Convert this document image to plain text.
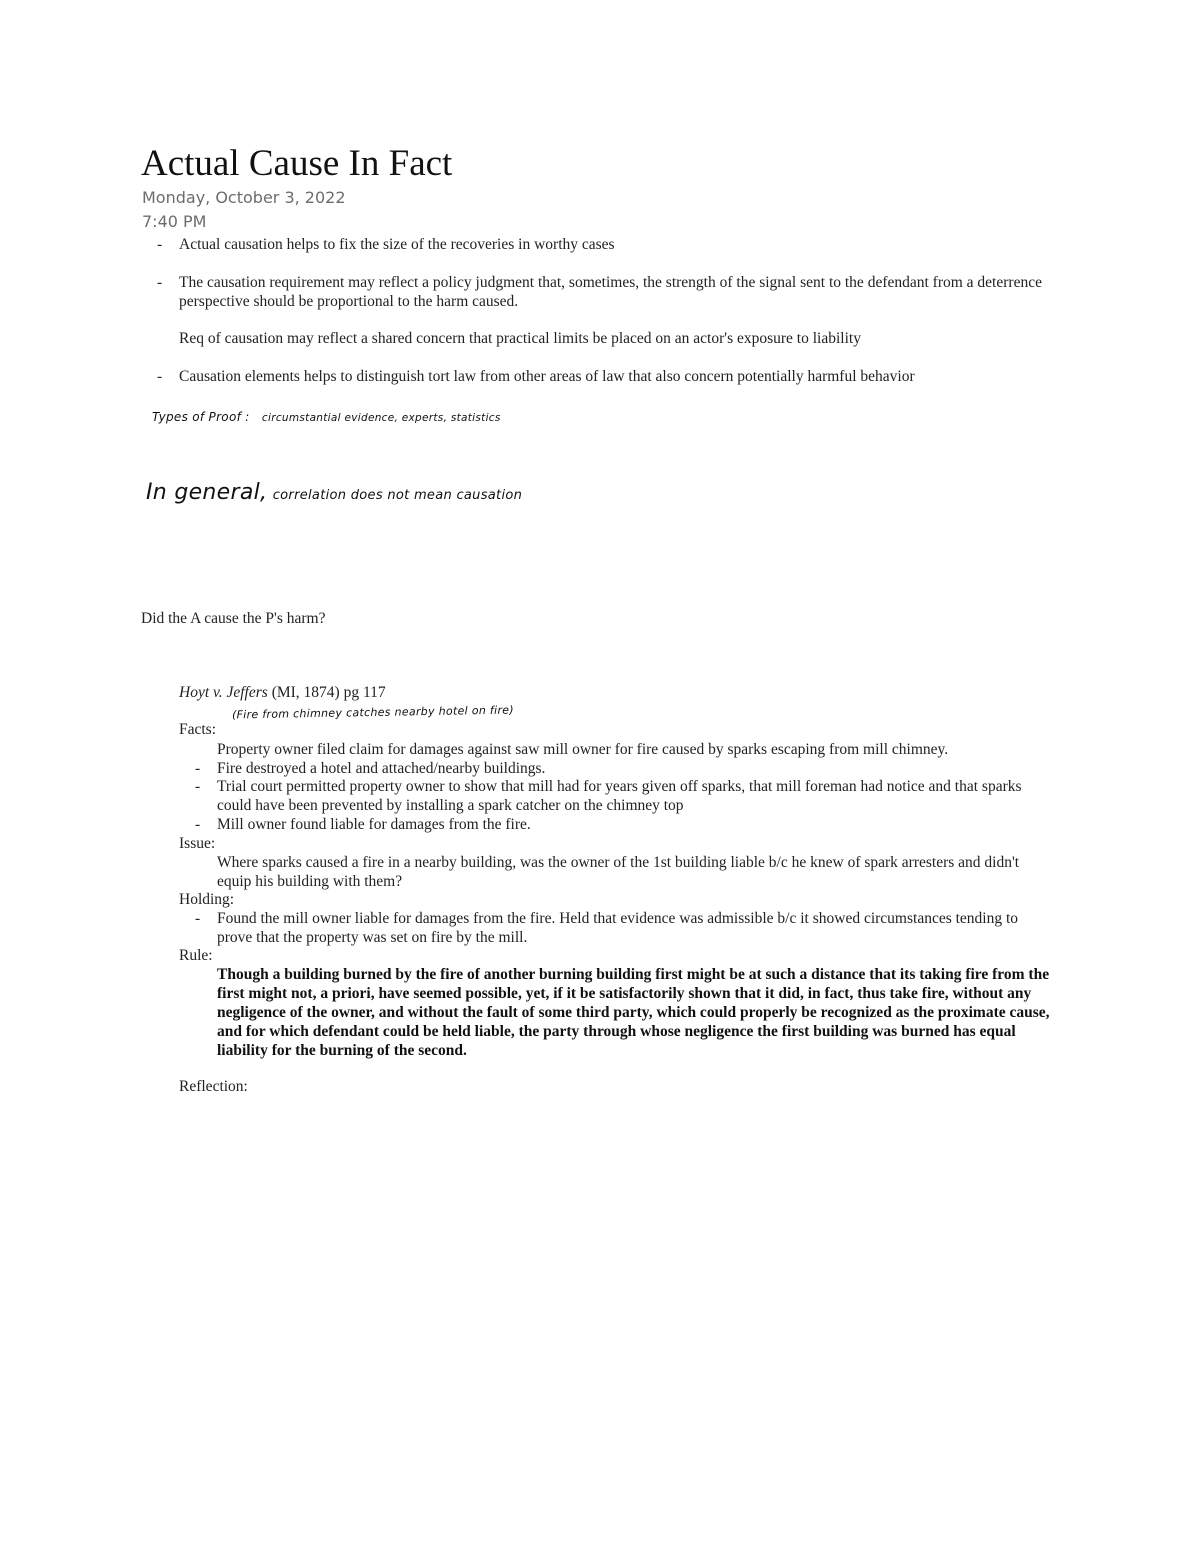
Actual Cause In Fact
Monday, October 3, 2022
7:40 PM
-	Actual causation helps to fix the size of the recoveries in worthy cases
-	The causation requirement may reflect a policy judgment that, sometimes, the strength of the signal sent to the defendant from a deterrence perspective should be proportional to the harm caused.
Req of causation may reflect a shared concern that practical limits be placed on an actor's exposure to liability
-	Causation elements helps to distinguish tort law from other areas of law that also concern potentially harmful behavior
Types of Proof : circumstantial evidence, experts, statistics
In general, correlation does not mean causation
Did the A cause the P's harm?
Hoyt v. Jeffers (MI, 1874) pg 117
(Fire from chimney catches nearby hotel on fire)
Facts:
Property owner filed claim for damages against saw mill owner for fire caused by sparks escaping from mill chimney.
-	Fire destroyed a hotel and attached/nearby buildings.
-	Trial court permitted property owner to show that mill had for years given off sparks, that mill foreman had notice and that sparks could have been prevented by installing a spark catcher on the chimney top
-	Mill owner found liable for damages from the fire.
Issue:
Where sparks caused a fire in a nearby building, was the owner of the 1st building liable b/c he knew of spark arresters and didn't equip his building with them?
Holding:
-	Found the mill owner liable for damages from the fire. Held that evidence was admissible b/c it showed circumstances tending to prove that the property was set on fire by the mill.
Rule:
Though a building burned by the fire of another burning building first might be at such a distance that its taking fire from the first might not, a priori, have seemed possible, yet, if it be satisfactorily shown that it did, in fact, thus take fire, without any negligence of the owner, and without the fault of some third party, which could properly be recognized as the proximate cause, and for which defendant could be held liable, the party through whose negligence the first building was burned has equal liability for the burning of the second.
Reflection:
